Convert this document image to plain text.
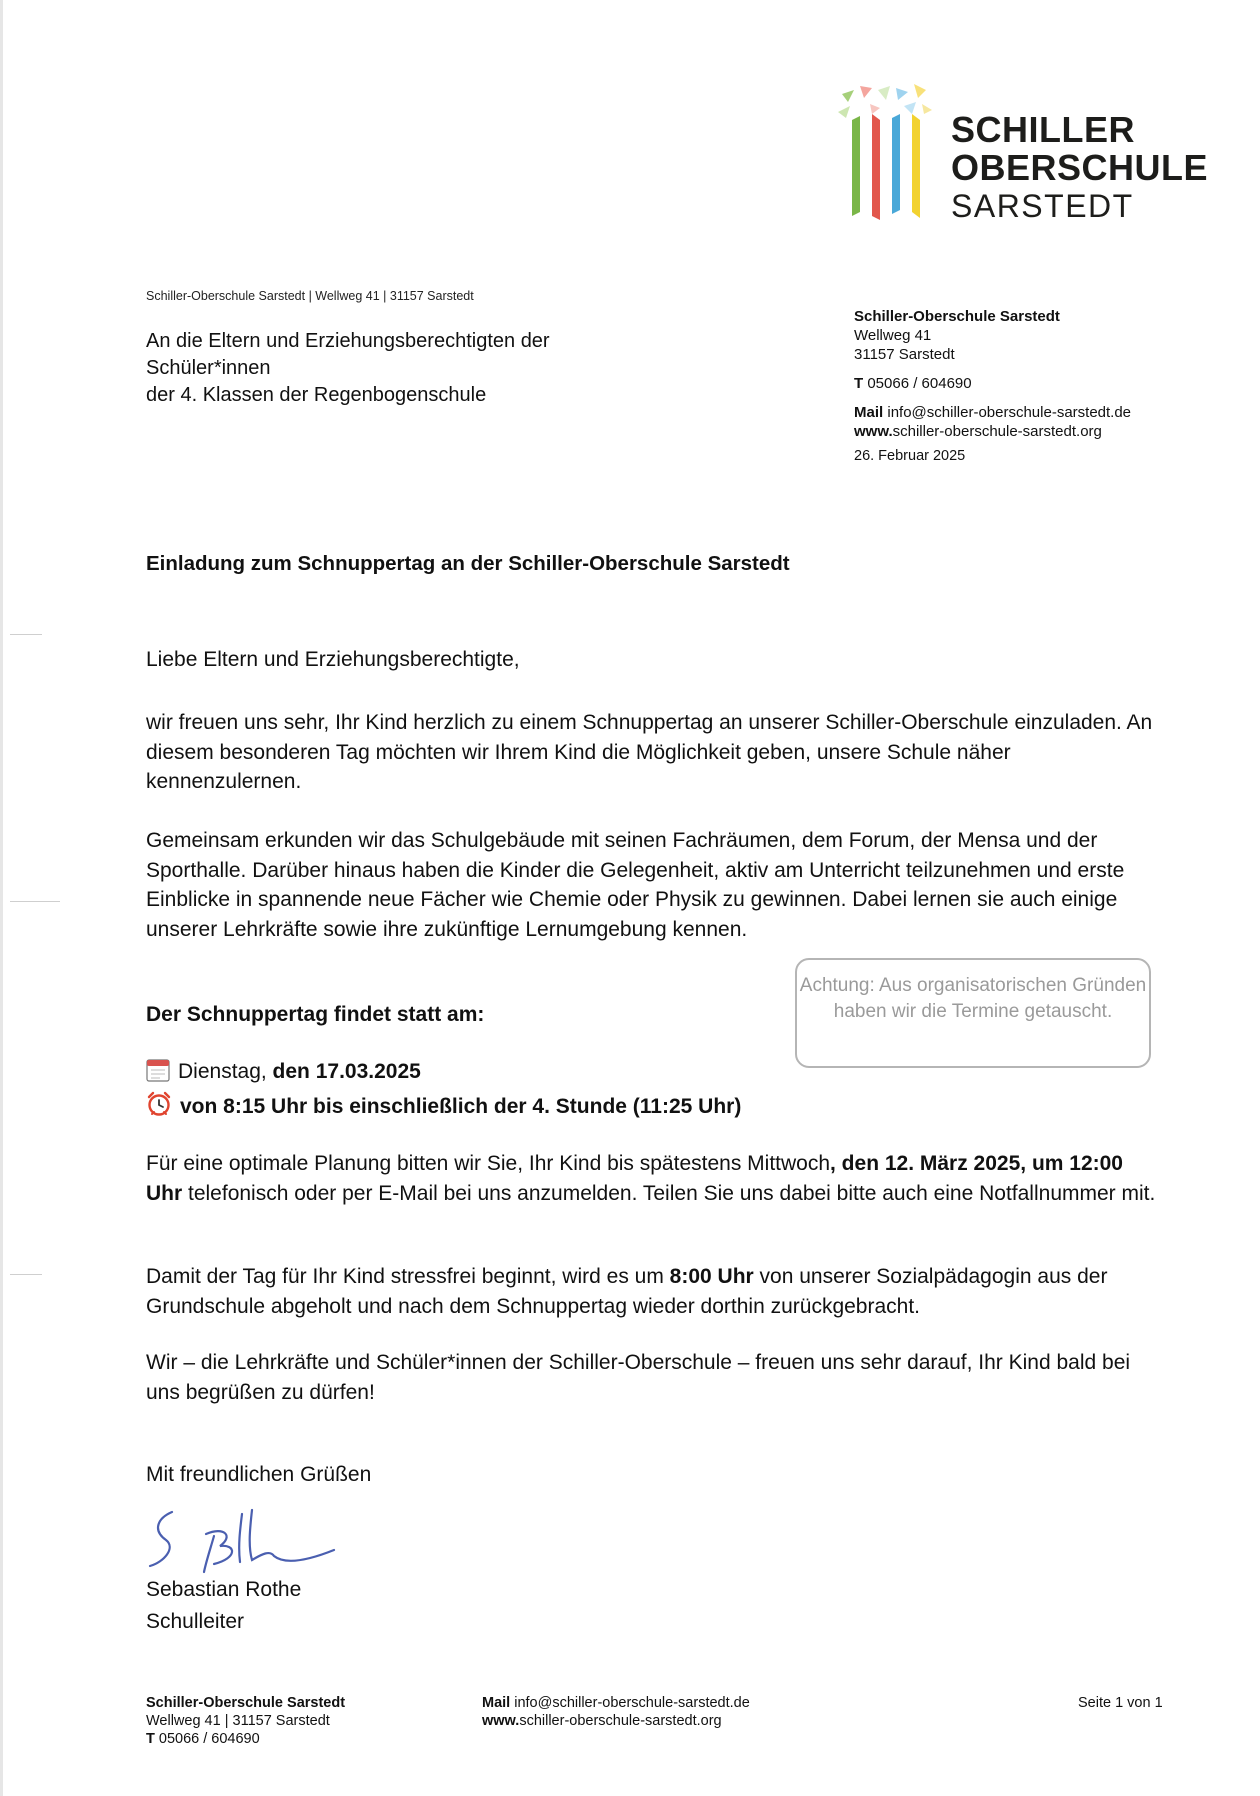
SCHILLER
OBERSCHULE
SARSTEDT
Schiller-Oberschule Sarstedt | Wellweg 41 | 31157 Sarstedt
An die Eltern und Erziehungsberechtigten der
Schüler*innen
der 4. Klassen der Regenbogenschule
Schiller-Oberschule Sarstedt
Wellweg 41
31157 Sarstedt
T 05066 / 604690
Mail info@schiller-oberschule-sarstedt.de
www.schiller-oberschule-sarstedt.org
26. Februar 2025
Einladung zum Schnuppertag an der Schiller-Oberschule Sarstedt
Liebe Eltern und Erziehungsberechtigte,
wir freuen uns sehr, Ihr Kind herzlich zu einem Schnuppertag an unserer Schiller-Oberschule einzuladen. An diesem besonderen Tag möchten wir Ihrem Kind die Möglichkeit geben, unsere Schule näher kennenzulernen.
Gemeinsam erkunden wir das Schulgebäude mit seinen Fachräumen, dem Forum, der Mensa und der Sporthalle. Darüber hinaus haben die Kinder die Gelegenheit, aktiv am Unterricht teilzunehmen und erste Einblicke in spannende neue Fächer wie Chemie oder Physik zu gewinnen. Dabei lernen sie auch einige unserer Lehrkräfte sowie ihre zukünftige Lernumgebung kennen.
Achtung: Aus organisatorischen Gründen haben wir die Termine getauscht.
Der Schnuppertag findet statt am:
Dienstag, den 17.03.2025
von 8:15 Uhr bis einschließlich der 4. Stunde (11:25 Uhr)
Für eine optimale Planung bitten wir Sie, Ihr Kind bis spätestens Mittwoch, den 12. März 2025, um 12:00 Uhr telefonisch oder per E-Mail bei uns anzumelden. Teilen Sie uns dabei bitte auch eine Notfallnummer mit.
Damit der Tag für Ihr Kind stressfrei beginnt, wird es um 8:00 Uhr von unserer Sozialpädagogin aus der Grundschule abgeholt und nach dem Schnuppertag wieder dorthin zurückgebracht.
Wir – die Lehrkräfte und Schüler*innen der Schiller-Oberschule – freuen uns sehr darauf, Ihr Kind bald bei uns begrüßen zu dürfen!
Mit freundlichen Grüßen
Sebastian Rothe
Schulleiter
Schiller-Oberschule Sarstedt
Wellweg 41 | 31157 Sarstedt
T 05066 / 604690
Mail info@schiller-oberschule-sarstedt.de
www.schiller-oberschule-sarstedt.org
Seite 1 von 1
